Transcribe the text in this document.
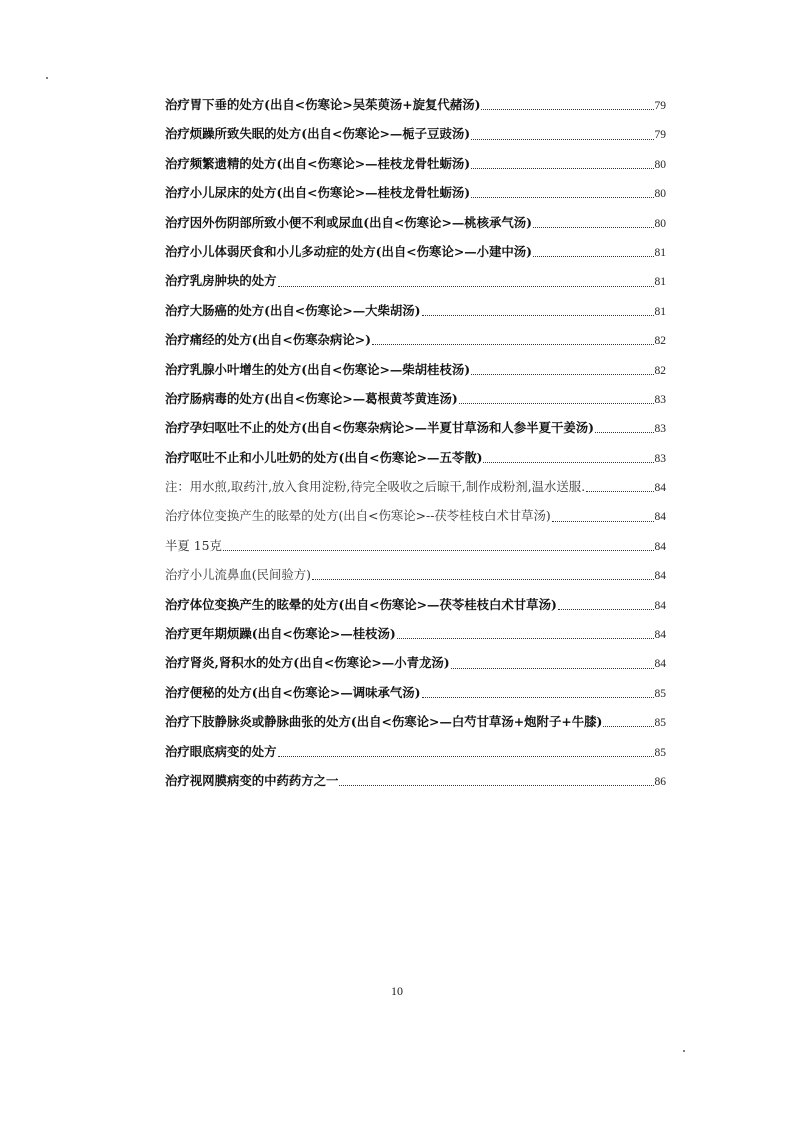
治疗胃下垂的处方(出自<伤寒论>吴茱萸汤+旋复代赭汤)	79
治疗烦躁所致失眠的处方(出自<伤寒论>—栀子豆豉汤)	79
治疗频繁遗精的处方(出自<伤寒论>—桂枝龙骨牡蛎汤)	80
治疗小儿尿床的处方(出自<伤寒论>—桂枝龙骨牡蛎汤)	80
治疗因外伤阴部所致小便不利或尿血(出自<伤寒论>—桃核承气汤)	80
治疗小儿体弱厌食和小儿多动症的处方(出自<伤寒论>—小建中汤)	81
治疗乳房肿块的处方	81
治疗大肠癌的处方(出自<伤寒论>—大柴胡汤)	81
治疗痛经的处方(出自<伤寒杂病论>)	82
治疗乳腺小叶增生的处方(出自<伤寒论>—柴胡桂枝汤)	82
治疗肠病毒的处方(出自<伤寒论>—葛根黄芩黄连汤)	83
治疗孕妇呕吐不止的处方(出自<伤寒杂病论>—半夏甘草汤和人参半夏干姜汤)	83
治疗呕吐不止和小儿吐奶的处方(出自<伤寒论>—五苓散)	83
注：用水煎,取药汁,放入食用淀粉,待完全吸收之后晾干,制作成粉剂,温水送服.	84
治疗体位变换产生的眩晕的处方(出自<伤寒论>--茯苓桂枝白术甘草汤)	84
半夏 15克	84
治疗小儿流鼻血(民间验方)	84
治疗体位变换产生的眩晕的处方(出自<伤寒论>—茯苓桂枝白术甘草汤)	84
治疗更年期烦躁(出自<伤寒论>—桂枝汤)	84
治疗肾炎,肾积水的处方(出自<伤寒论>—小青龙汤)	84
治疗便秘的处方(出自<伤寒论>—调味承气汤)	85
治疗下肢静脉炎或静脉曲张的处方(出自<伤寒论>—白芍甘草汤+炮附子+牛膝)	85
治疗眼底病变的处方	85
治疗视网膜病变的中药药方之一	86
10
